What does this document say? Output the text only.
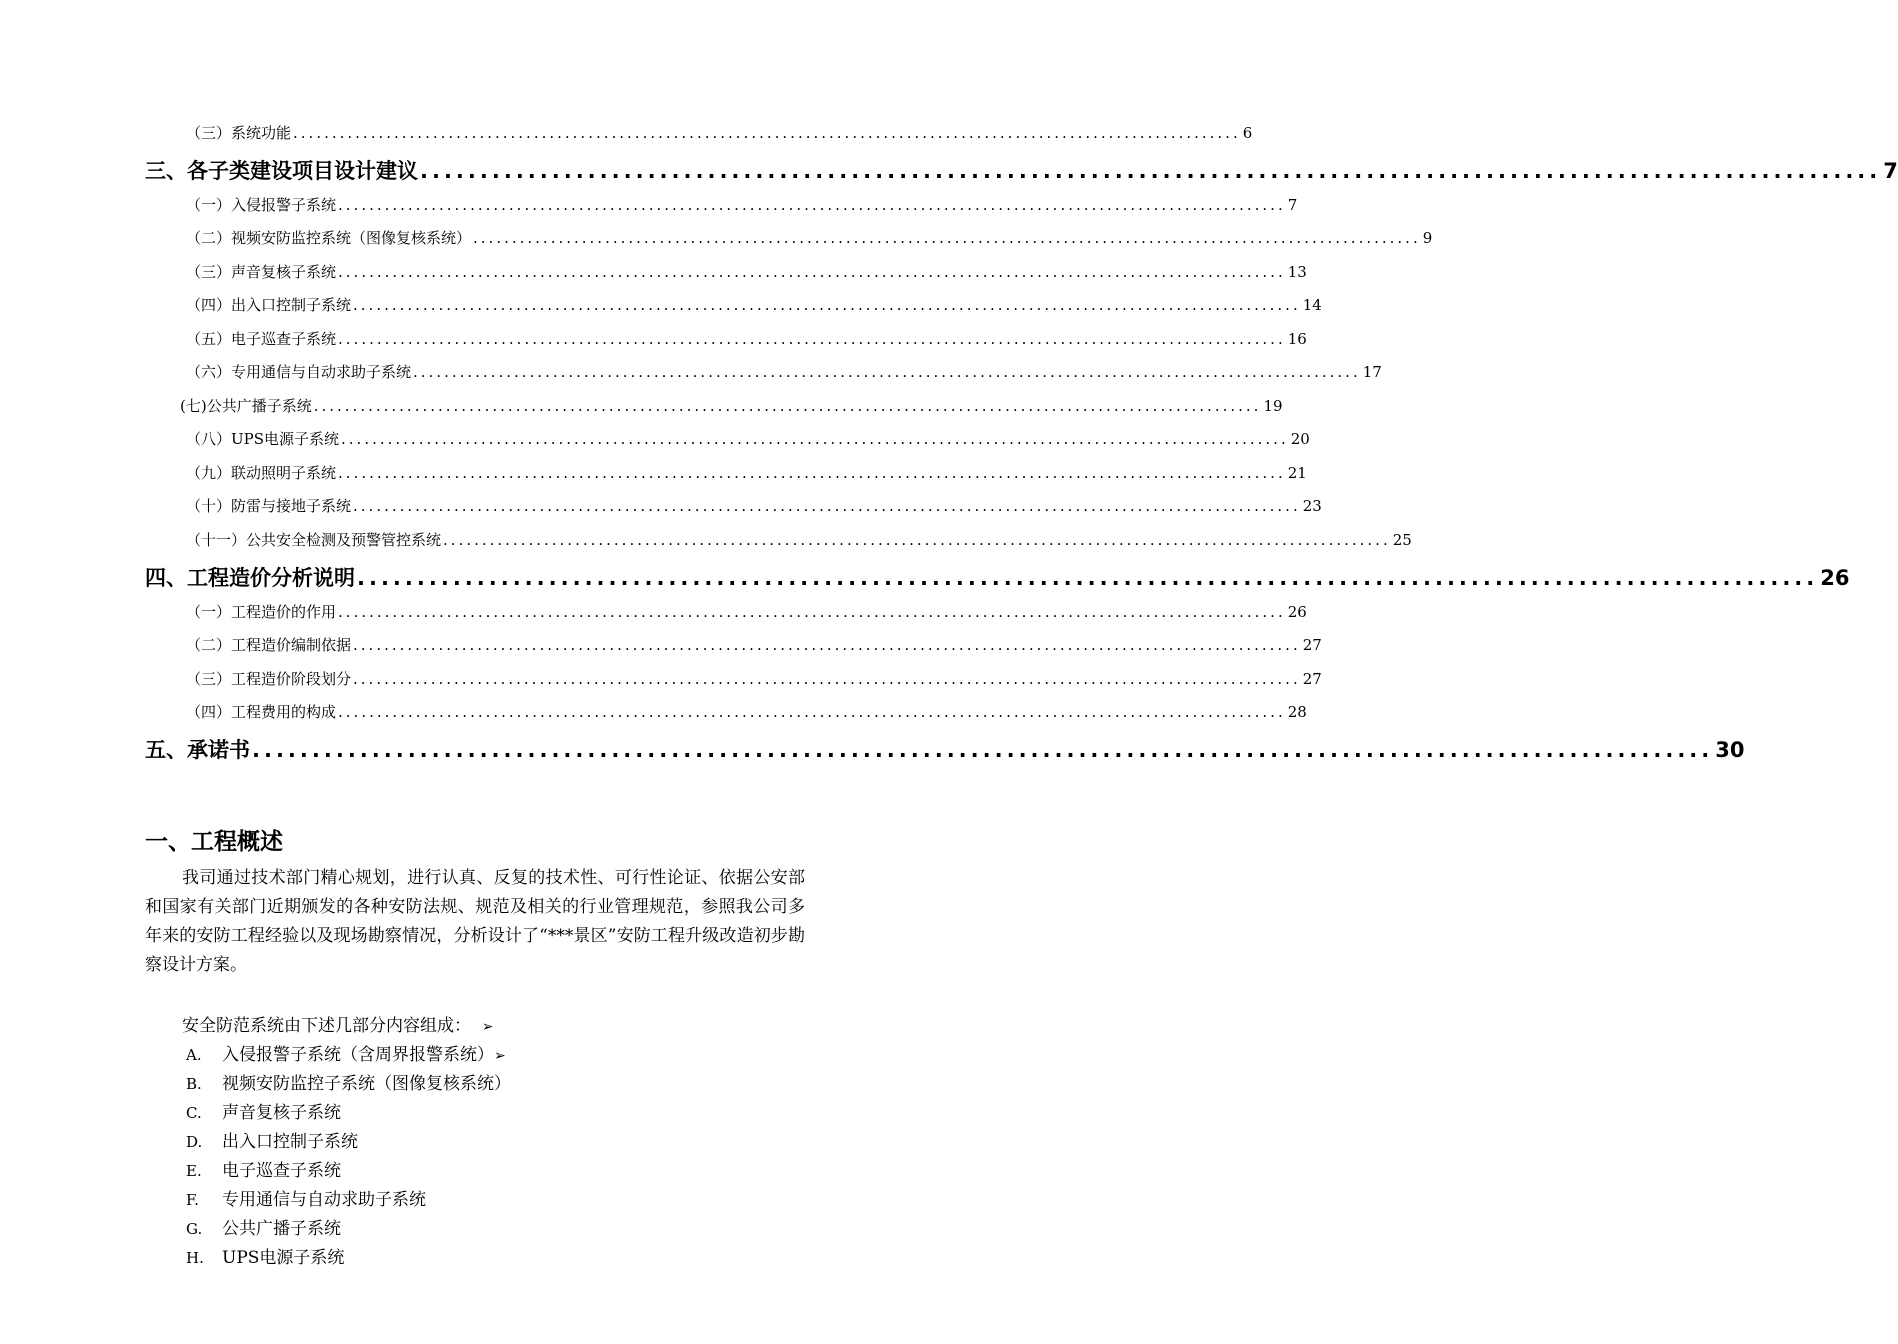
（三）系统功能 .......................................................................................................................... 6
三、各子类建设项目设计建议 .......................................................................................................................... 7
（一）入侵报警子系统 .......................................................................................................................... 7
（二）视频安防监控系统（图像复核系统） .......................................................................................................................... 9
（三）声音复核子系统 .......................................................................................................................... 13
（四）出入口控制子系统 .......................................................................................................................... 14
（五）电子巡查子系统 .......................................................................................................................... 16
（六）专用通信与自动求助子系统 .......................................................................................................................... 17
(七)公共广播子系统 .......................................................................................................................... 19
（八）UPS电源子系统 .......................................................................................................................... 20
（九）联动照明子系统 .......................................................................................................................... 21
（十）防雷与接地子系统 .......................................................................................................................... 23
（十一）公共安全检测及预警管控系统 .......................................................................................................................... 25
四、工程造价分析说明 .......................................................................................................................... 26
（一）工程造价的作用 .......................................................................................................................... 26
（二）工程造价编制依据 .......................................................................................................................... 27
（三）工程造价阶段划分 .......................................................................................................................... 27
（四）工程费用的构成 .......................................................................................................................... 28
五、承诺书 .......................................................................................................................... 30
一、工程概述

我司通过技术部门精心规划，进行认真、反复的技术性、可行性论证、依据公安部和国家有关部门近期颁发的各种安防法规、规范及相关的行业管理规范，参照我公司多年来的安防工程经验以及现场勘察情况，分析设计了“***景区”安防工程升级改造初步勘察设计方案。

安全防范系统由下述几部分内容组成： ➢
A. 入侵报警子系统（含周界报警系统）➢
B. 视频安防监控子系统（图像复核系统）
C. 声音复核子系统
D. 出入口控制子系统
E. 电子巡查子系统
F. 专用通信与自动求助子系统
G. 公共广播子系统
H. UPS电源子系统
